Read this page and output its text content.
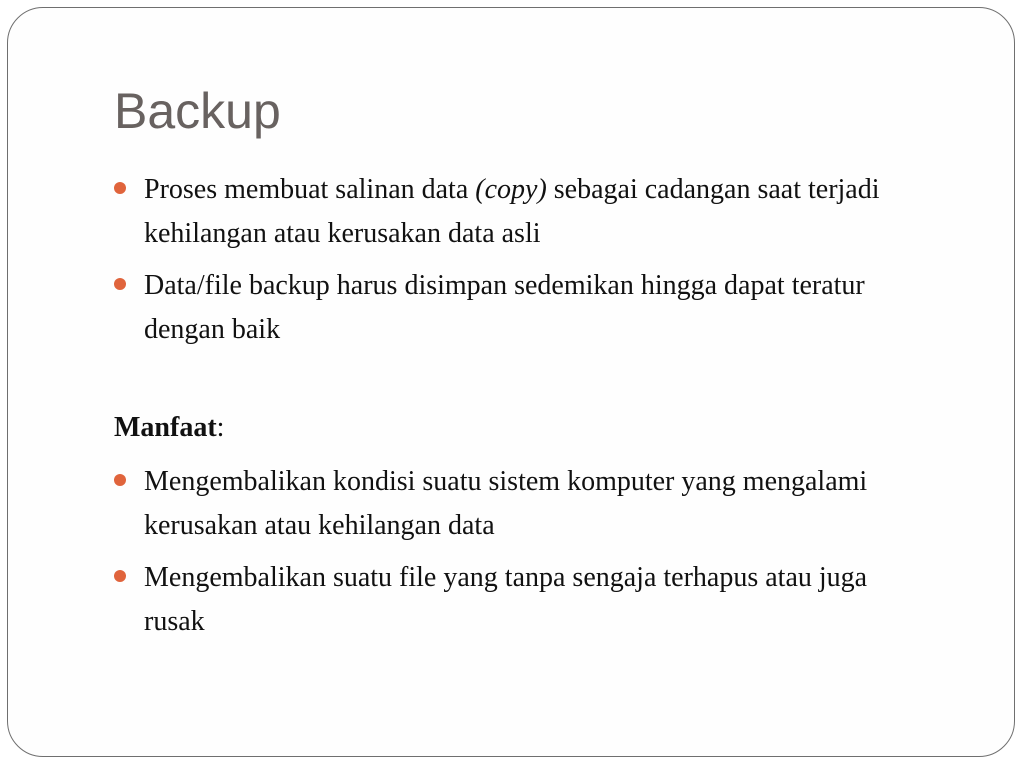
Backup
Proses membuat salinan data (copy) sebagai cadangan saat terjadi kehilangan atau kerusakan data asli
Data/file backup harus disimpan sedemikan hingga dapat teratur dengan baik
Manfaat:
Mengembalikan kondisi suatu sistem komputer yang mengalami kerusakan atau kehilangan data
Mengembalikan suatu file yang tanpa sengaja terhapus atau juga rusak
